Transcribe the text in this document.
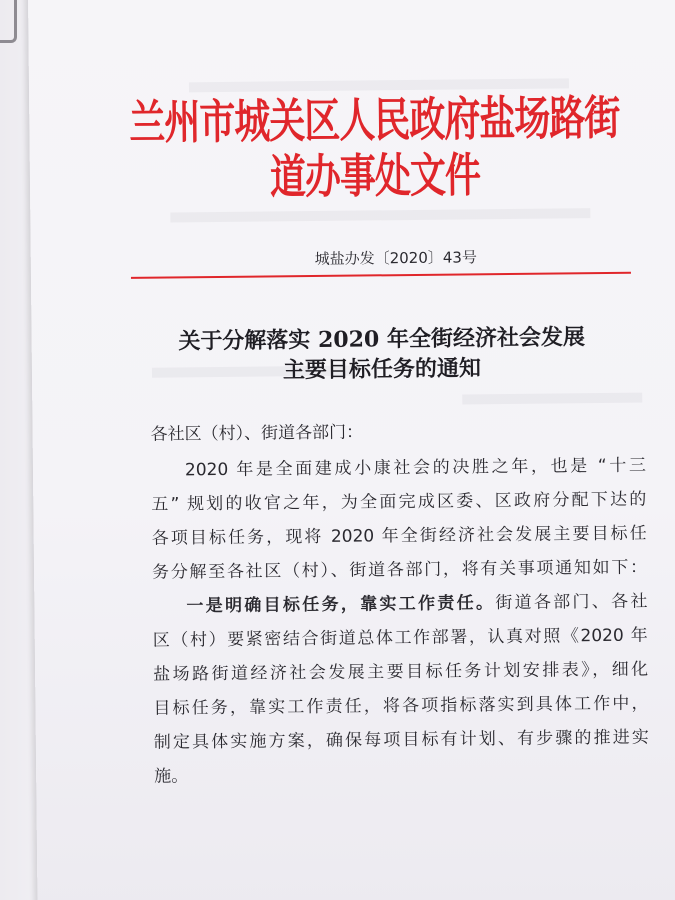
兰州市城关区人民政府盐场路街道办事处文件
城盐办发〔2020〕43号
关于分解落实 2020 年全街经济社会发展
主要目标任务的通知
各社区（村）、街道各部门：
2020 年是全面建成小康社会的决胜之年，也是 “十三
五” 规划的收官之年，为全面完成区委、区政府分配下达的
各项目标任务，现将 2020 年全街经济社会发展主要目标任
务分解至各社区（村）、街道各部门，将有关事项通知如下：
一是明确目标任务，靠实工作责任。街道各部门、各社
区（村）要紧密结合街道总体工作部署，认真对照《2020 年
盐场路街道经济社会发展主要目标任务计划安排表》，细化
目标任务，靠实工作责任，将各项指标落实到具体工作中，
制定具体实施方案，确保每项目标有计划、有步骤的推进实
施。
